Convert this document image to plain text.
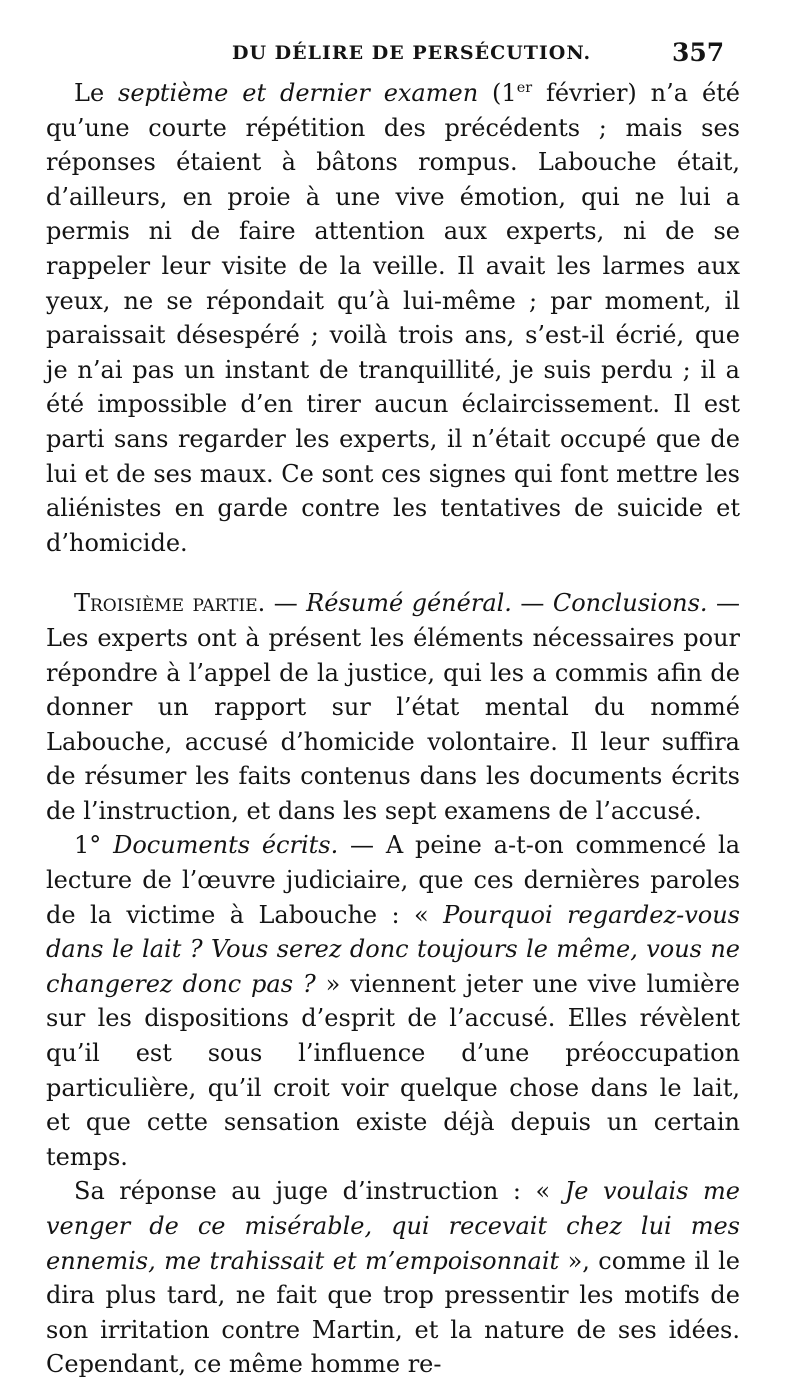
DU DÉLIRE DE PERSÉCUTION.	357

Le septième et dernier examen (1er février) n’a été qu’une courte répétition des précédents ; mais ses réponses étaient à bâtons rompus. Labouche était, d’ailleurs, en proie à une vive émotion, qui ne lui a permis ni de faire attention aux experts, ni de se rappeler leur visite de la veille. Il avait les larmes aux yeux, ne se répondait qu’à lui-même ; par moment, il paraissait désespéré ; voilà trois ans, s’est-il écrié, que je n’ai pas un instant de tranquillité, je suis perdu ; il a été impossible d’en tirer aucun éclaircissement. Il est parti sans regarder les experts, il n’était occupé que de lui et de ses maux. Ce sont ces signes qui font mettre les aliénistes en garde contre les tentatives de suicide et d’homicide.

Troisième partie. — Résumé général. — Conclusions. — Les experts ont à présent les éléments nécessaires pour répondre à l’appel de la justice, qui les a commis afin de donner un rapport sur l’état mental du nommé Labouche, accusé d’homicide volontaire. Il leur suffira de résumer les faits contenus dans les documents écrits de l’instruction, et dans les sept examens de l’accusé.

1° Documents écrits. — A peine a-t-on commencé la lecture de l’œuvre judiciaire, que ces dernières paroles de la victime à Labouche : « Pourquoi regardez-vous dans le lait ? Vous serez donc toujours le même, vous ne changerez donc pas ? » viennent jeter une vive lumière sur les dispositions d’esprit de l’accusé. Elles révèlent qu’il est sous l’influence d’une préoccupation particulière, qu’il croit voir quelque chose dans le lait, et que cette sensation existe déjà depuis un certain temps.

Sa réponse au juge d’instruction : « Je voulais me venger de ce misérable, qui recevait chez lui mes ennemis, me trahissait et m’empoisonnait », comme il le dira plus tard, ne fait que trop pressentir les motifs de son irritation contre Martin, et la nature de ses idées. Cependant, ce même homme re-
